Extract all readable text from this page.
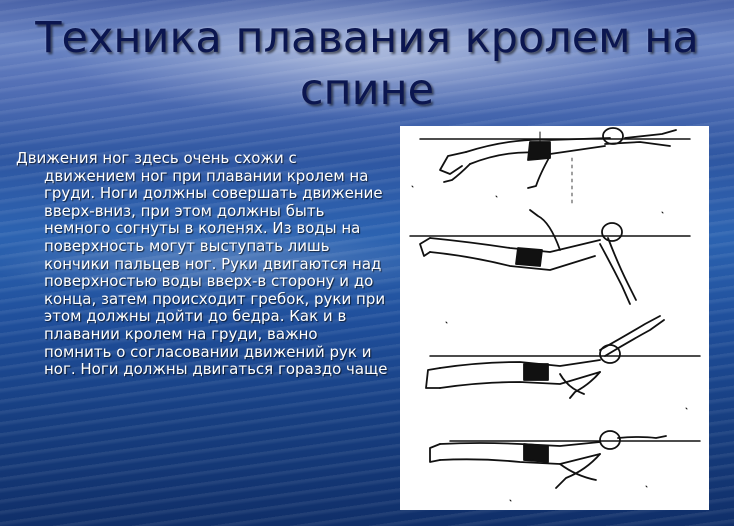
Техника плавания кролем на
спине

Движения ног здесь очень схожи с движением ног при плавании кролем на груди. Ноги должны совершать движение вверх-вниз, при этом должны быть немного согнуты в коленях. Из воды на поверхность могут выступать лишь кончики пальцев ног. Руки двигаются над поверхностью воды вверх-в сторону и до конца, затем происходит гребок, руки при этом должны дойти до бедра. Как и в плавании кролем на груди, важно помнить о согласовании движений рук и ног. Ноги должны двигаться гораздо чаще
